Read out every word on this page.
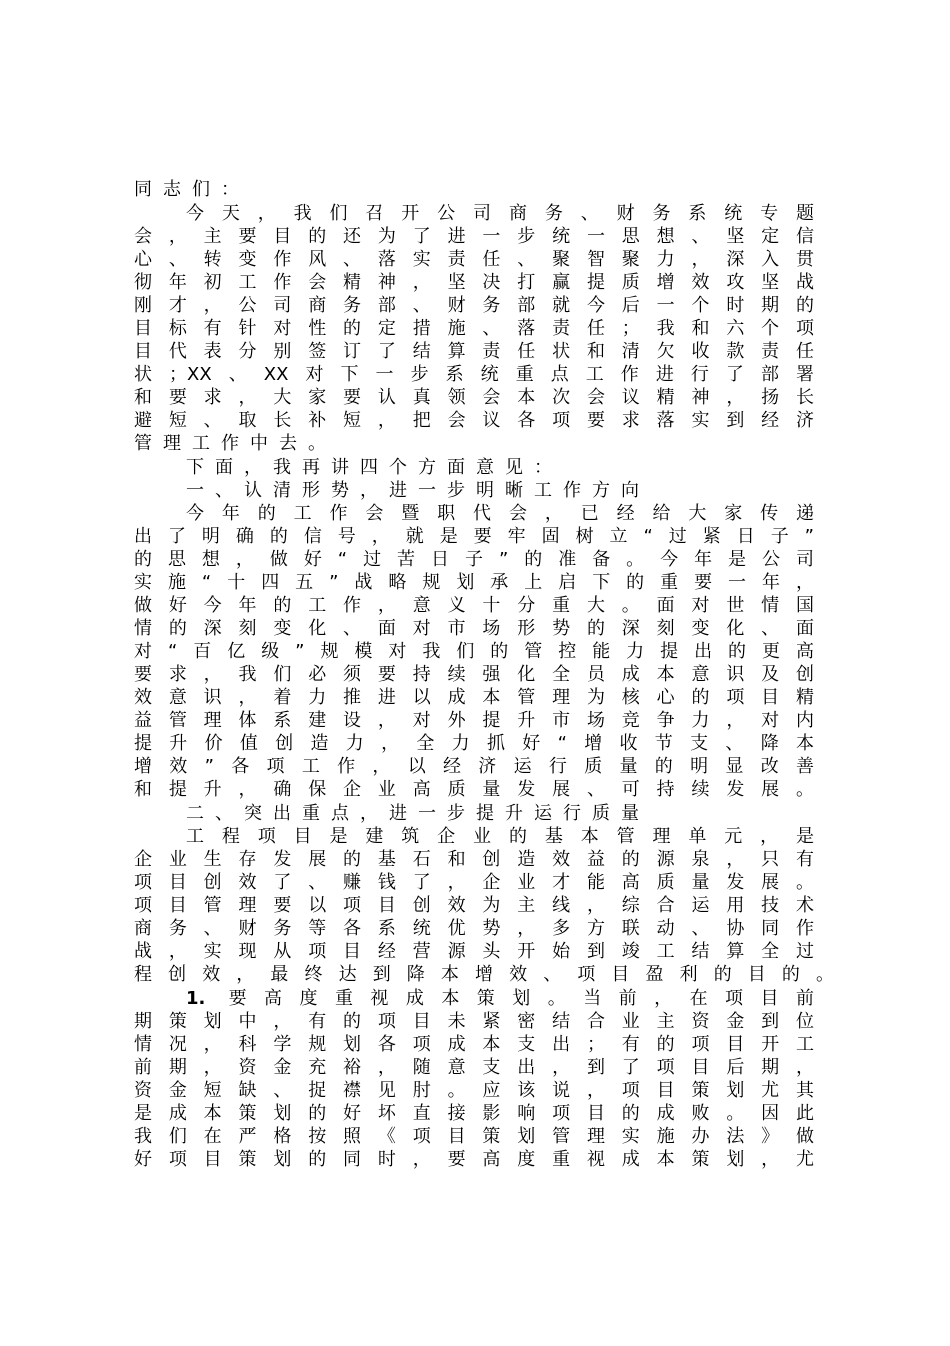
同志们：
今天，我们召开公司商务、财务系统专题
会，主要目的还为了进一步统一思想、坚定信
心、转变作风、落实责任、聚智聚力，深入贯
彻年初工作会精神，坚决打赢提质增效攻坚战
刚才，公司商务部、财务部就今后一个时期的
目标有针对性的定措施、落责任；我和六个项
目代表分别签订了结算责任状和清欠收款责任
状；XX、XX对下一步系统重点工作进行了部署
和要求，大家要认真领会本次会议精神，扬长
避短、取长补短，把会议各项要求落实到经济
管理工作中去。
下面，我再讲四个方面意见：
一、认清形势，进一步明晰工作方向
今年的工作会暨职代会，已经给大家传递
出了明确的信号，就是要牢固树立“过紧日子”
的思想，做好“过苦日子”的准备。今年是公司
实施“十四五”战略规划承上启下的重要一年，
做好今年的工作，意义十分重大。面对世情国
情的深刻变化、面对市场形势的深刻变化、面
对“百亿级”规模对我们的管控能力提出的更高
要求，我们必须要持续强化全员成本意识及创
效意识，着力推进以成本管理为核心的项目精
益管理体系建设，对外提升市场竞争力，对内
提升价值创造力，全力抓好“增收节支、降本
增效”各项工作，以经济运行质量的明显改善
和提升，确保企业高质量发展、可持续发展。
二、突出重点，进一步提升运行质量
工程项目是建筑企业的基本管理单元，是
企业生存发展的基石和创造效益的源泉，只有
项目创效了、赚钱了，企业才能高质量发展。
项目管理要以项目创效为主线，综合运用技术
商务、财务等各系统优势，多方联动、协同作
战，实现从项目经营源头开始到竣工结算全过
程创效，最终达到降本增效、项目盈利的目的。
1. 要高度重视成本策划。当前，在项目前
期策划中，有的项目未紧密结合业主资金到位
情况，科学规划各项成本支出；有的项目开工
前期，资金充裕，随意支出，到了项目后期，
资金短缺、捉襟见肘。应该说，项目策划尤其
是成本策划的好坏直接影响项目的成败。因此
我们在严格按照《项目策划管理实施办法》做
好项目策划的同时，要高度重视成本策划，尤
